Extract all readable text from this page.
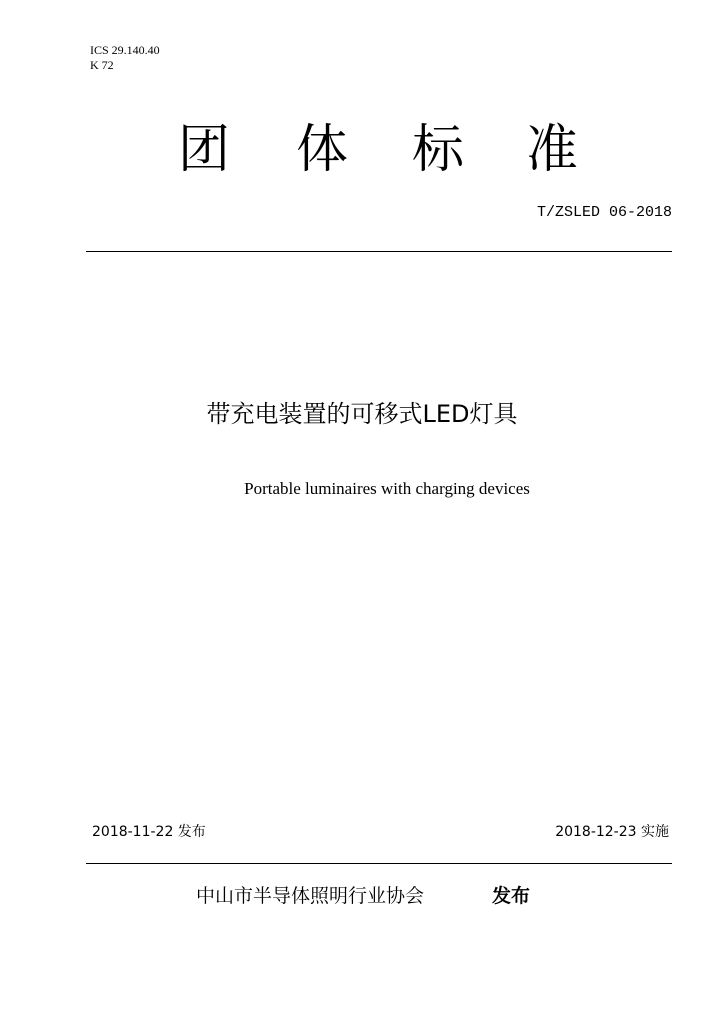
ICS 29.140.40
K 72
团 体 标 准
T/ZSLED 06-2018
带充电装置的可移式LED灯具
Portable luminaires with charging devices
2018-11-22 发布	2018-12-23 实施
中山市半导体照明行业协会	发布
